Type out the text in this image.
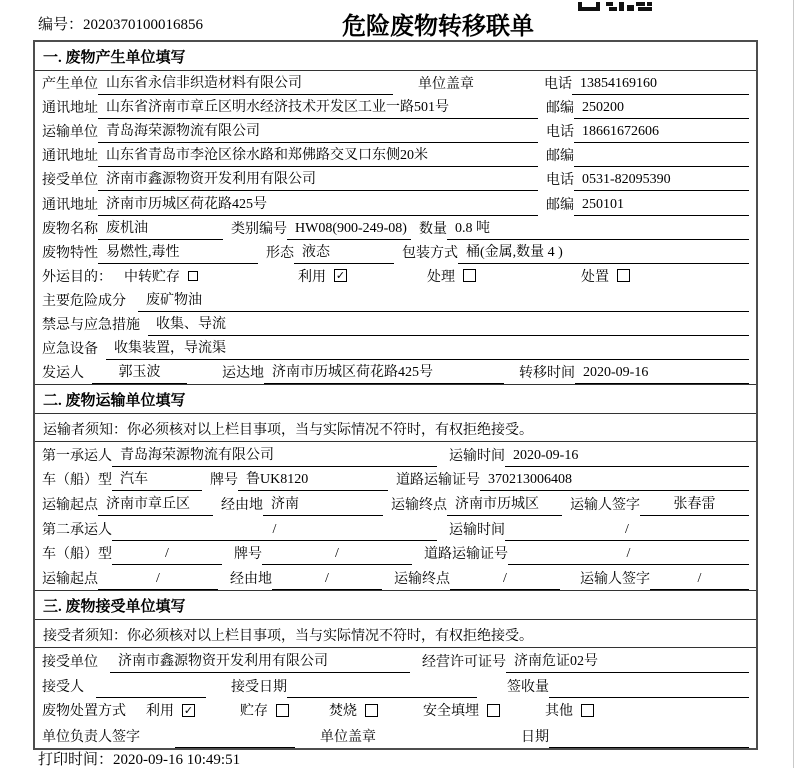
编号：2020370100016856	危险废物转移联单
一. 废物产生单位填写
产生单位 山东省永信非织造材料有限公司	单位盖章	电话 13854169160
通讯地址 山东省济南市章丘区明水经济技术开发区工业一路501号	邮编 250200
运输单位 青岛海荣源物流有限公司	电话 18661672606
通讯地址 山东省青岛市李沧区徐水路和郑佛路交叉口东侧20米	邮编
接受单位 济南市鑫源物资开发利用有限公司	电话 0531-82095390
通讯地址 济南市历城区荷花路425号	邮编 250101
废物名称 废机油	类别编号 HW08(900-249-08) 数量 0.8 吨
废物特性 易燃性,毒性	形态 液态	包装方式 桶(金属,数量 4 )
外运目的： 中转贮存	利用 ✓	处理	处置
主要危险成分	废矿物油
禁忌与应急措施	收集、导流
应急设备	收集装置，导流渠
发运人	郭玉波	运达地 济南市历城区荷花路425号	转移时间 2020-09-16
二. 废物运输单位填写
运输者须知：你必须核对以上栏目事项，当与实际情况不符时，有权拒绝接受。
第一承运人 青岛海荣源物流有限公司	运输时间 2020-09-16
车（船）型 汽车	牌号 鲁UK8120	道路运输证号 370213006408
运输起点 济南市章丘区	经由地 济南	运输终点 济南市历城区	运输人签字	张春雷
第二承运人	/	运输时间	/
车（船）型	/	牌号	/	道路运输证号	/
运输起点	/	经由地	/	运输终点	/	运输人签字	/
三. 废物接受单位填写
接受者须知：你必须核对以上栏目事项，当与实际情况不符时，有权拒绝接受。
接受单位	济南市鑫源物资开发利用有限公司	经营许可证号 济南危证02号
接受人	接受日期	签收量
废物处置方式 利用 ✓	贮存	焚烧	安全填埋	其他
单位负责人签字	单位盖章	日期
打印时间：2020-09-16 10:49:51
